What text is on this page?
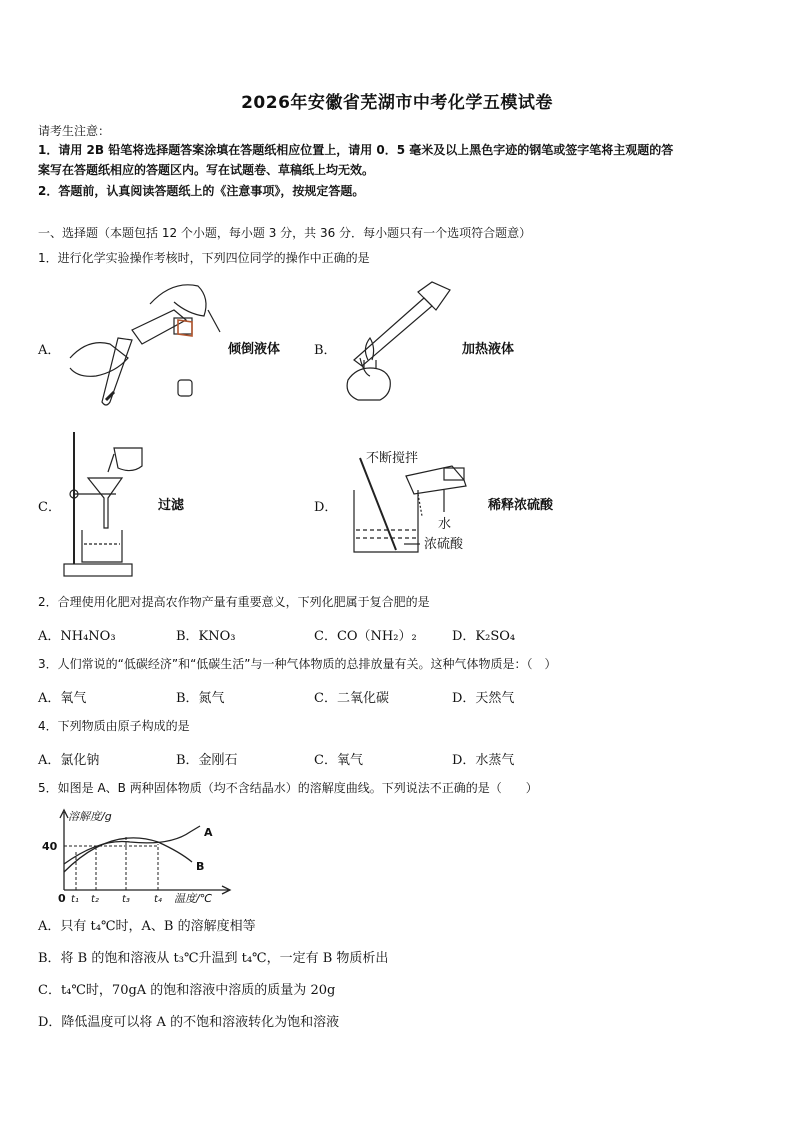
2026年安徽省芜湖市中考化学五模试卷
请考生注意：
1．请用 2B 铅笔将选择题答案涂填在答题纸相应位置上，请用 0．5 毫米及以上黑色字迹的钢笔或签字笔将主观题的答
案写在答题纸相应的答题区内。写在试题卷、草稿纸上均无效。
2．答题前，认真阅读答题纸上的《注意事项》，按规定答题。
一、选择题（本题包括 12 个小题，每小题 3 分，共 36 分．每小题只有一个选项符合题意）
1．进行化学实验操作考核时，下列四位同学的操作中正确的是
A．	倾倒液体	B．	加热液体
C．	过滤	D．	稀释浓硫酸
不断搅拌
水
浓硫酸
2．合理使用化肥对提高农作物产量有重要意义，下列化肥属于复合肥的是
A．NH₄NO₃	B．KNO₃	C．CO（NH₂）₂	D．K₂SO₄
3．人们常说的“低碳经济”和“低碳生活”与一种气体物质的总排放量有关。这种气体物质是：（　）
A．氧气	B．氮气	C．二氧化碳	D．天然气
4．下列物质由原子构成的是
A．氯化钠	B．金刚石	C．氧气	D．水蒸气
5．如图是 A、B 两种固体物质（均不含结晶水）的溶解度曲线。下列说法不正确的是（　　）
溶解度/g
40
0 t₁ t₂ t₃ t₄ 温度/℃
A
B
A．只有 t₄℃时，A、B 的溶解度相等
B．将 B 的饱和溶液从 t₃℃升温到 t₄℃，一定有 B 物质析出
C．t₄℃时，70gA 的饱和溶液中溶质的质量为 20g
D．降低温度可以将 A 的不饱和溶液转化为饱和溶液
